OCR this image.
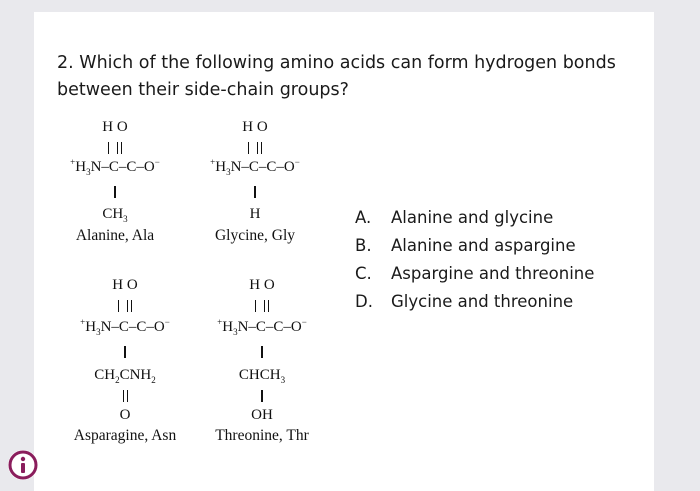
2. Which of the following amino acids can form hydrogen bonds between their side-chain groups?
H O

$^+H_3N-C-C-O^-$
$CH_3$
Alanine, Ala
H O

$^+H_3N-C-C-O^-$
H
Glycine, Gly
H O

$^+H_3N-C-C-O^-$
$CH_2CNH_2$
O
Asparagine, Asn
H O

$^+H_3N-C-C-O^-$
$CHCH_3$
OH
Threonine, Thr
A.	Alanine and glycine
B.	Alanine and aspargine
C.	Aspargine and threonine
D.	Glycine and threonine
